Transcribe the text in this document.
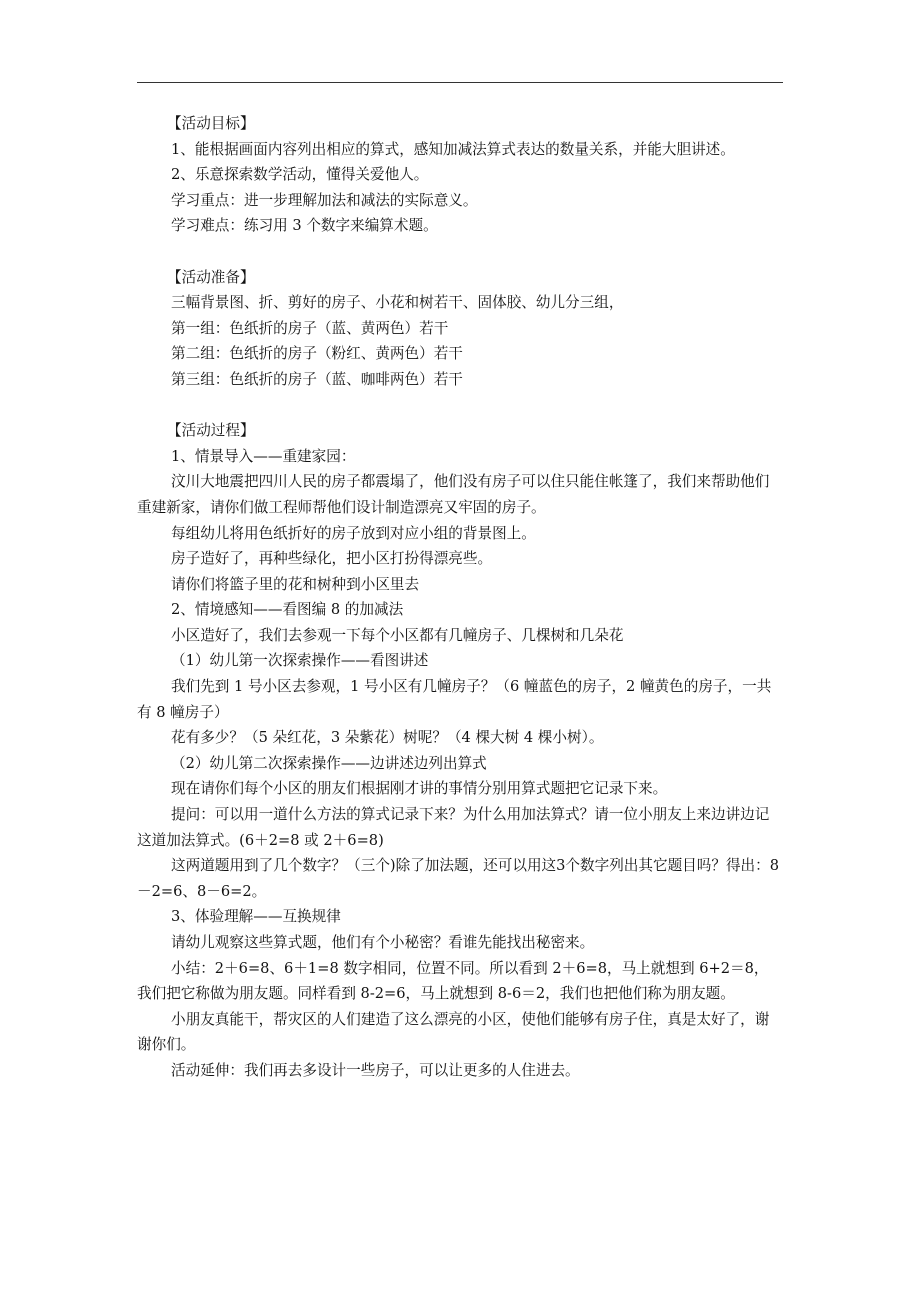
【活动目标】

1、能根据画面内容列出相应的算式，感知加减法算式表达的数量关系，并能大胆讲述。

2、乐意探索数学活动，懂得关爱他人。

学习重点：进一步理解加法和减法的实际意义。

学习难点：练习用 3 个数字来编算术题。

【活动准备】

三幅背景图、折、剪好的房子、小花和树若干、固体胶、幼儿分三组，

第一组：色纸折的房子（蓝、黄两色）若干

第二组：色纸折的房子（粉红、黄两色）若干

第三组：色纸折的房子（蓝、咖啡两色）若干

【活动过程】

1、情景导入——重建家园：

汶川大地震把四川人民的房子都震塌了，他们没有房子可以住只能住帐篷了，我们来帮助他们重建新家，请你们做工程师帮他们设计制造漂亮又牢固的房子。

每组幼儿将用色纸折好的房子放到对应小组的背景图上。

房子造好了，再种些绿化，把小区打扮得漂亮些。

请你们将篮子里的花和树种到小区里去

2、情境感知——看图编 8 的加减法

小区造好了，我们去参观一下每个小区都有几幢房子、几棵树和几朵花

（1）幼儿第一次探索操作——看图讲述

我们先到 1 号小区去参观，1 号小区有几幢房子？（6 幢蓝色的房子，2 幢黄色的房子，一共有 8 幢房子）

花有多少？（5 朵红花，3 朵紫花）树呢？（4 棵大树 4 棵小树）。

（2）幼儿第二次探索操作——边讲述边列出算式

现在请你们每个小区的朋友们根据刚才讲的事情分别用算式题把它记录下来。

提问：可以用一道什么方法的算式记录下来？为什么用加法算式？请一位小朋友上来边讲边记这道加法算式。(6＋2=8 或 2＋6=8)

这两道题用到了几个数字？（三个)除了加法题，还可以用这3个数字列出其它题目吗？得出：8－2=6、8－6=2。

3、体验理解——互换规律

请幼儿观察这些算式题，他们有个小秘密？看谁先能找出秘密来。

小结：2＋6=8、6＋1=8 数字相同，位置不同。所以看到 2＋6=8，马上就想到 6+2＝8，我们把它称做为朋友题。同样看到 8-2=6，马上就想到 8-6＝2，我们也把他们称为朋友题。

小朋友真能干，帮灾区的人们建造了这么漂亮的小区，使他们能够有房子住，真是太好了，谢谢你们。

活动延伸：我们再去多设计一些房子，可以让更多的人住进去。
